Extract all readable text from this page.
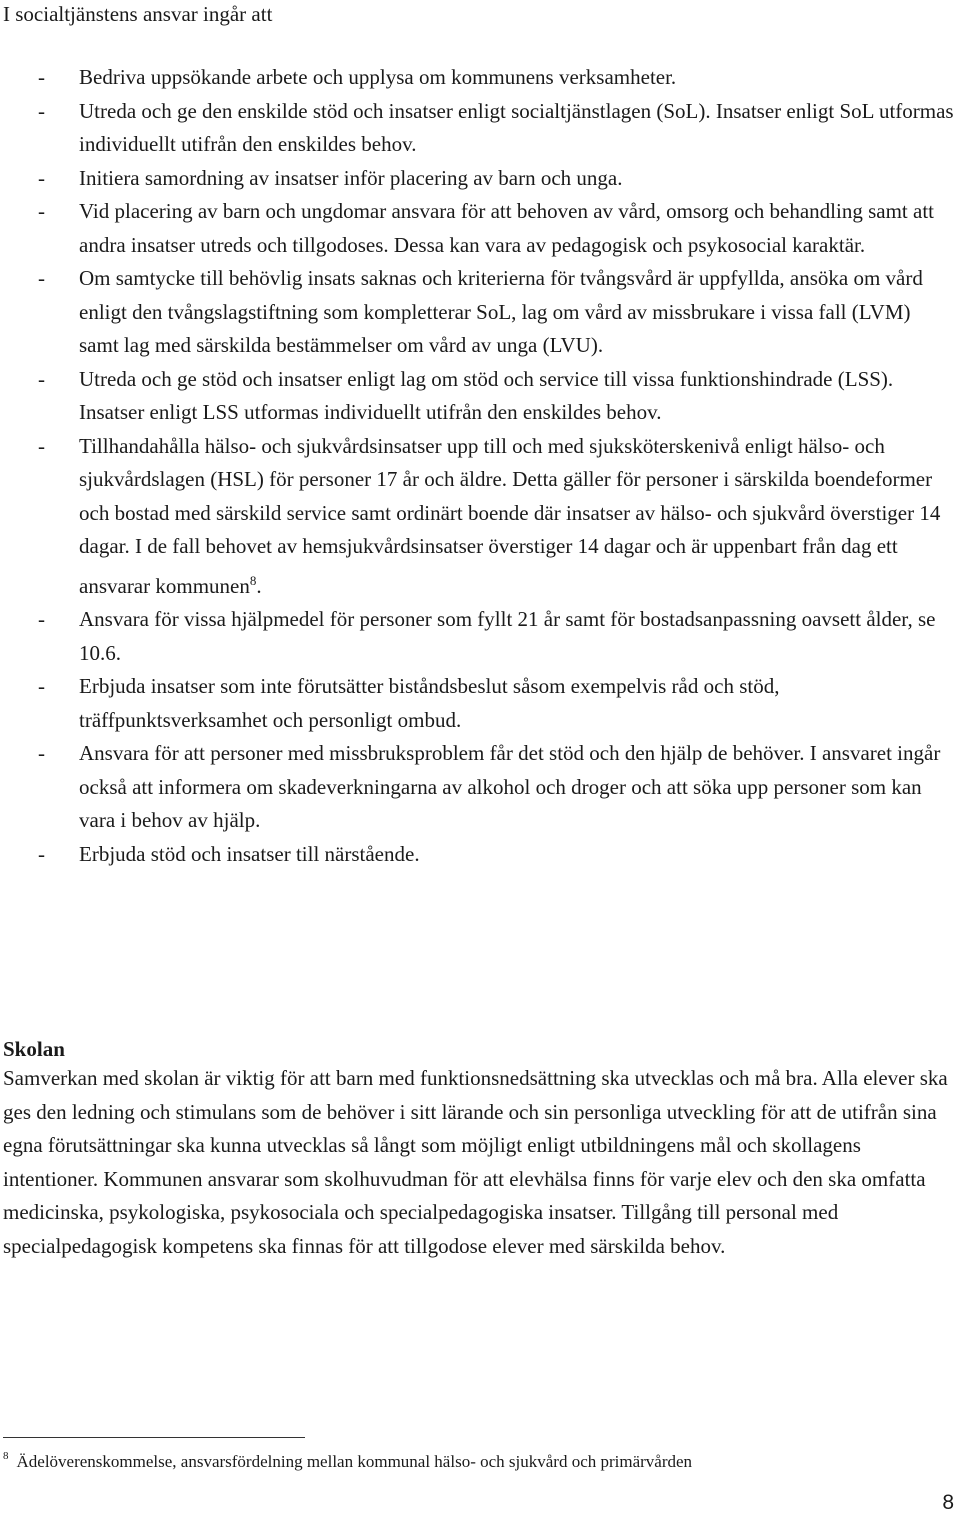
I socialtjänstens ansvar ingår att

- Bedriva uppsökande arbete och upplysa om kommunens verksamheter.
- Utreda och ge den enskilde stöd och insatser enligt socialtjänstlagen (SoL). Insatser enligt SoL utformas individuellt utifrån den enskildes behov.
- Initiera samordning av insatser inför placering av barn och unga.
- Vid placering av barn och ungdomar ansvara för att behoven av vård, omsorg och behandling samt att andra insatser utreds och tillgodoses. Dessa kan vara av pedagogisk och psykosocial karaktär.
- Om samtycke till behövlig insats saknas och kriterierna för tvångsvård är uppfyllda, ansöka om vård enligt den tvångslagstiftning som kompletterar SoL, lag om vård av missbrukare i vissa fall (LVM) samt lag med särskilda bestämmelser om vård av unga (LVU).
- Utreda och ge stöd och insatser enligt lag om stöd och service till vissa funktionshindrade (LSS). Insatser enligt LSS utformas individuellt utifrån den enskildes behov.
- Tillhandahålla hälso- och sjukvårdsinsatser upp till och med sjuksköterskenivå enligt hälso- och sjukvårdslagen (HSL) för personer 17 år och äldre. Detta gäller för personer i särskilda boendeformer och bostad med särskild service samt ordinärt boende där insatser av hälso- och sjukvård överstiger 14 dagar. I de fall behovet av hemsjukvårdsinsatser överstiger 14 dagar och är uppenbart från dag ett ansvarar kommunen$^8$.
- Ansvara för vissa hjälpmedel för personer som fyllt 21 år samt för bostadsanpassning oavsett ålder, se 10.6.
- Erbjuda insatser som inte förutsätter biståndsbeslut såsom exempelvis råd och stöd, träffpunktsverksamhet och personligt ombud.
- Ansvara för att personer med missbruksproblem får det stöd och den hjälp de behöver. I ansvaret ingår också att informera om skadeverkningarna av alkohol och droger och att söka upp personer som kan vara i behov av hjälp.
- Erbjuda stöd och insatser till närstående.
Skolan

Samverkan med skolan är viktig för att barn med funktionsnedsättning ska utvecklas och må bra. Alla elever ska ges den ledning och stimulans som de behöver i sitt lärande och sin personliga utveckling för att de utifrån sina egna förutsättningar ska kunna utvecklas så långt som möjligt enligt utbildningens mål och skollagens intentioner. Kommunen ansvarar som skolhuvudman för att elevhälsa finns för varje elev och den ska omfatta medicinska, psykologiska, psykosociala och specialpedagogiska insatser. Tillgång till personal med specialpedagogisk kompetens ska finnas för att tillgodose elever med särskilda behov.

$^8$ Ädelöverenskommelse, ansvarsfördelning mellan kommunal hälso- och sjukvård och primärvården

8
